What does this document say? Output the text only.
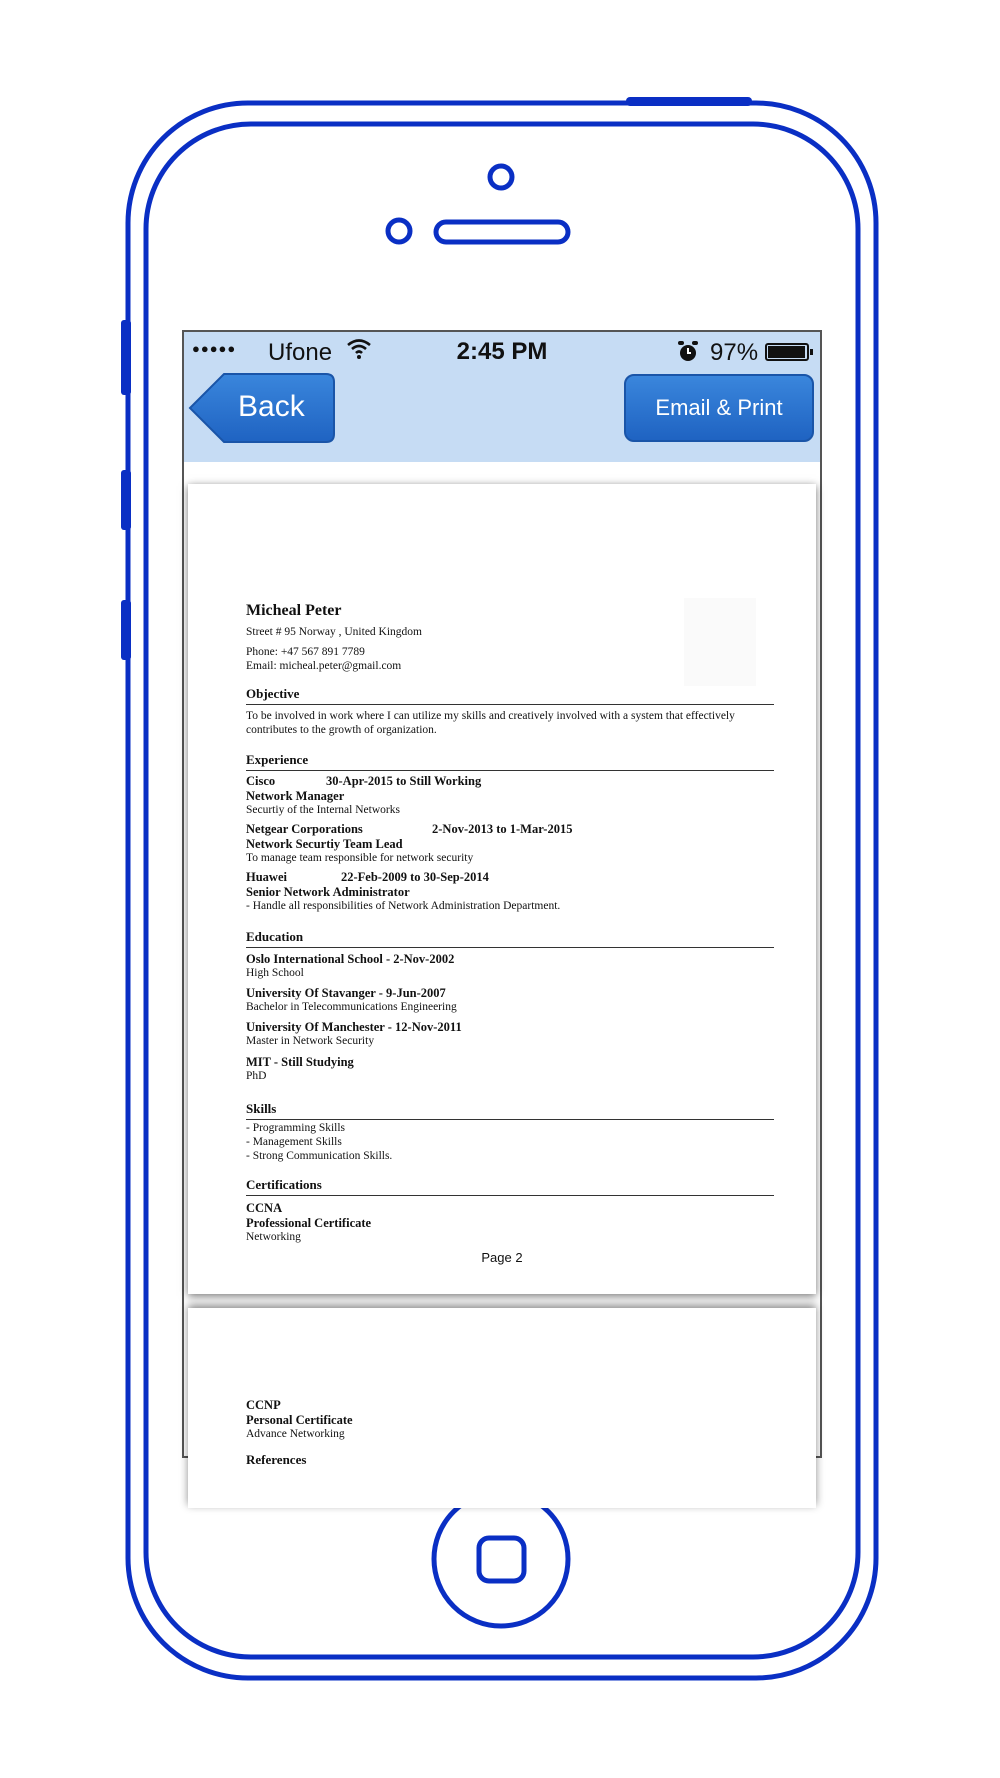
●●●●● Ufone	2:45 PM	97%
Back	Email & Print
Micheal Peter
Street # 95 Norway , United Kingdom
Phone: +47 567 891 7789
Email: micheal.peter@gmail.com
Objective
To be involved in work where I can utilize my skills and creatively involved with a system that effectively
contributes to the growth of organization.
Experience
Cisco	30-Apr-2015 to Still Working
Network Manager
Securtiy of the Internal Networks
Netgear Corporations	2-Nov-2013 to 1-Mar-2015
Network Securtiy Team Lead
To manage team responsible for network security
Huawei	22-Feb-2009 to 30-Sep-2014
Senior Network Administrator
- Handle all responsibilities of Network Administration Department.
Education
Oslo International School - 2-Nov-2002
High School
University Of Stavanger - 9-Jun-2007
Bachelor in Telecommunications Engineering
University Of Manchester - 12-Nov-2011
Master in Network Security
MIT - Still Studying
PhD
Skills
- Programming Skills
- Management Skills
- Strong Communication Skills.
Certifications
CCNA
Professional Certificate
Networking
Page 2
CCNP
Personal Certificate
Advance Networking
References
